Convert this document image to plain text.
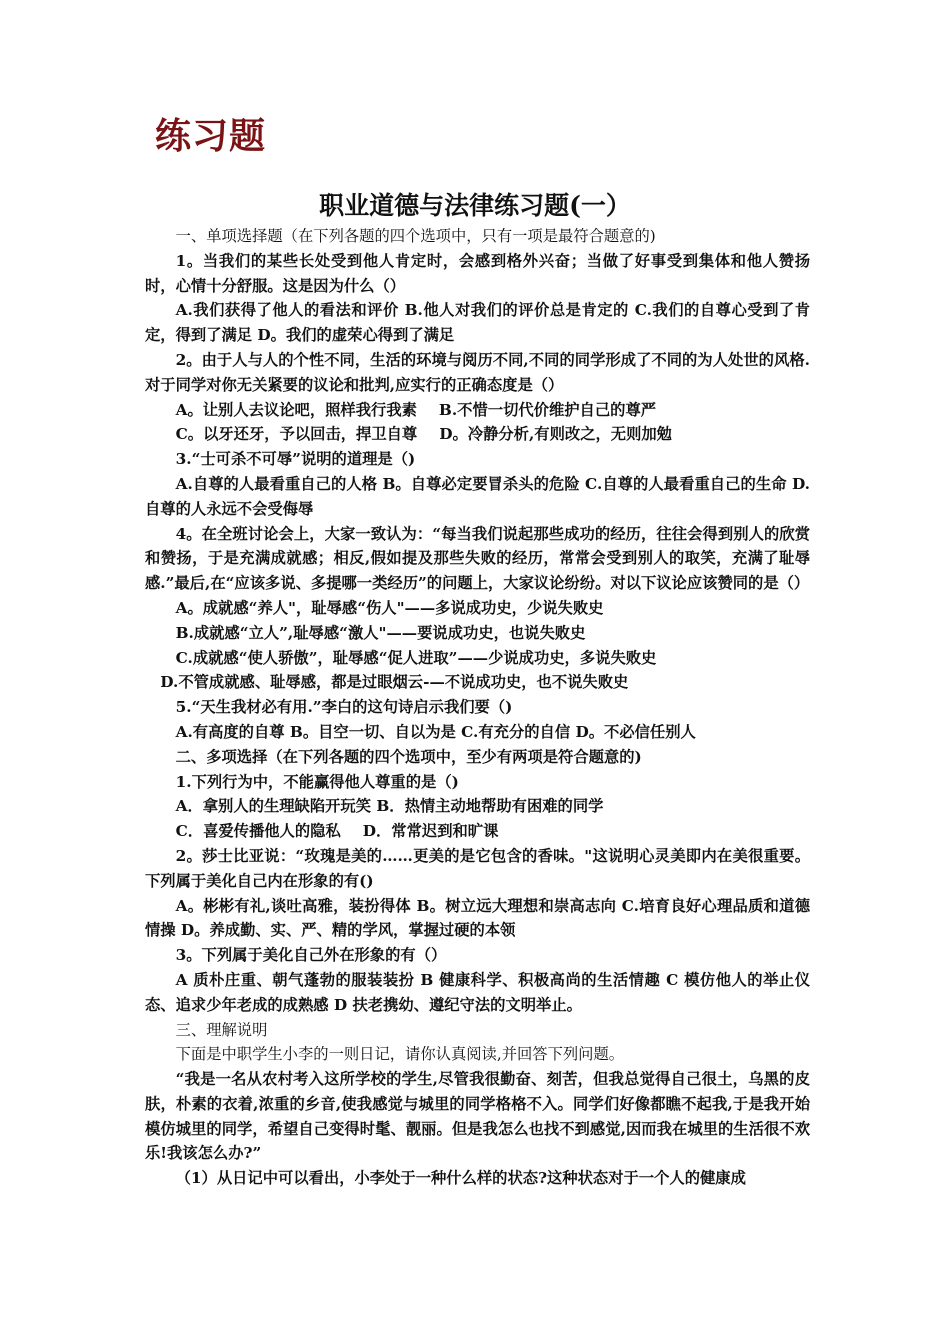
练习题
职业道德与法律练习题(一）

一、单项选择题（在下列各题的四个选项中，只有一项是最符合题意的)

1。当我们的某些长处受到他人肯定时，会感到格外兴奋；当做了好事受到集体和他人赞扬时，心情十分舒服。这是因为什么（）

A.我们获得了他人的看法和评价 B.他人对我们的评价总是肯定的 C.我们的自尊心受到了肯定，得到了满足 D。我们的虚荣心得到了满足

2。由于人与人的个性不同，生活的环境与阅历不同,不同的同学形成了不同的为人处世的风格.对于同学对你无关紧要的议论和批判,应实行的正确态度是（）

A。让别人去议论吧，照样我行我素 B.不惜一切代价维护自己的尊严

C。以牙还牙，予以回击，捍卫自尊 D。冷静分析,有则改之，无则加勉

3.“士可杀不可辱”说明的道理是（)

A.自尊的人最看重自己的人格 B。自尊必定要冒杀头的危险 C.自尊的人最看重自己的生命 D.自尊的人永远不会受侮辱

4。在全班讨论会上，大家一致认为：“每当我们说起那些成功的经历，往往会得到别人的欣赏和赞扬，于是充满成就感；相反,假如提及那些失败的经历，常常会受到别人的取笑，充满了耻辱感.”最后,在“应该多说、多提哪一类经历”的问题上，大家议论纷纷。对以下议论应该赞同的是（）

A。成就感“养人"，耻辱感“伤人"——多说成功史，少说失败史

B.成就感“立人”,耻辱感“激人"——要说成功史，也说失败史

C.成就感“使人骄傲”，耻辱感“促人进取”——少说成功史，多说失败史

D.不管成就感、耻辱感，都是过眼烟云-—不说成功史，也不说失败史

5.“天生我材必有用.”李白的这句诗启示我们要（)

A.有高度的自尊 B。目空一切、自以为是 C.有充分的自信 D。不必信任别人

二、多项选择（在下列各题的四个选项中，至少有两项是符合题意的)

1.下列行为中，不能赢得他人尊重的是（)

A．拿别人的生理缺陷开玩笑 B．热情主动地帮助有困难的同学

C．喜爱传播他人的隐私 D．常常迟到和旷课

2。莎士比亚说：“玫瑰是美的……更美的是它包含的香味。"这说明心灵美即内在美很重要。下列属于美化自己内在形象的有()

A。彬彬有礼,谈吐高雅，装扮得体 B。树立远大理想和崇高志向 C.培育良好心理品质和道德情操 D。养成勤、实、严、精的学风，掌握过硬的本领

3。下列属于美化自己外在形象的有（）

A 质朴庄重、朝气蓬勃的服装装扮 B 健康科学、积极高尚的生活情趣 C 模仿他人的举止仪态、追求少年老成的成熟感 D 扶老携幼、遵纪守法的文明举止。

三、理解说明

下面是中职学生小李的一则日记，请你认真阅读,并回答下列问题。

“我是一名从农村考入这所学校的学生,尽管我很勤奋、刻苦，但我总觉得自己很土，乌黑的皮肤，朴素的衣着,浓重的乡音,使我感觉与城里的同学格格不入。同学们好像都瞧不起我,于是我开始模仿城里的同学，希望自己变得时髦、靓丽。但是我怎么也找不到感觉,因而我在城里的生活很不欢乐!我该怎么办?”

（1）从日记中可以看出，小李处于一种什么样的状态?这种状态对于一个人的健康成
